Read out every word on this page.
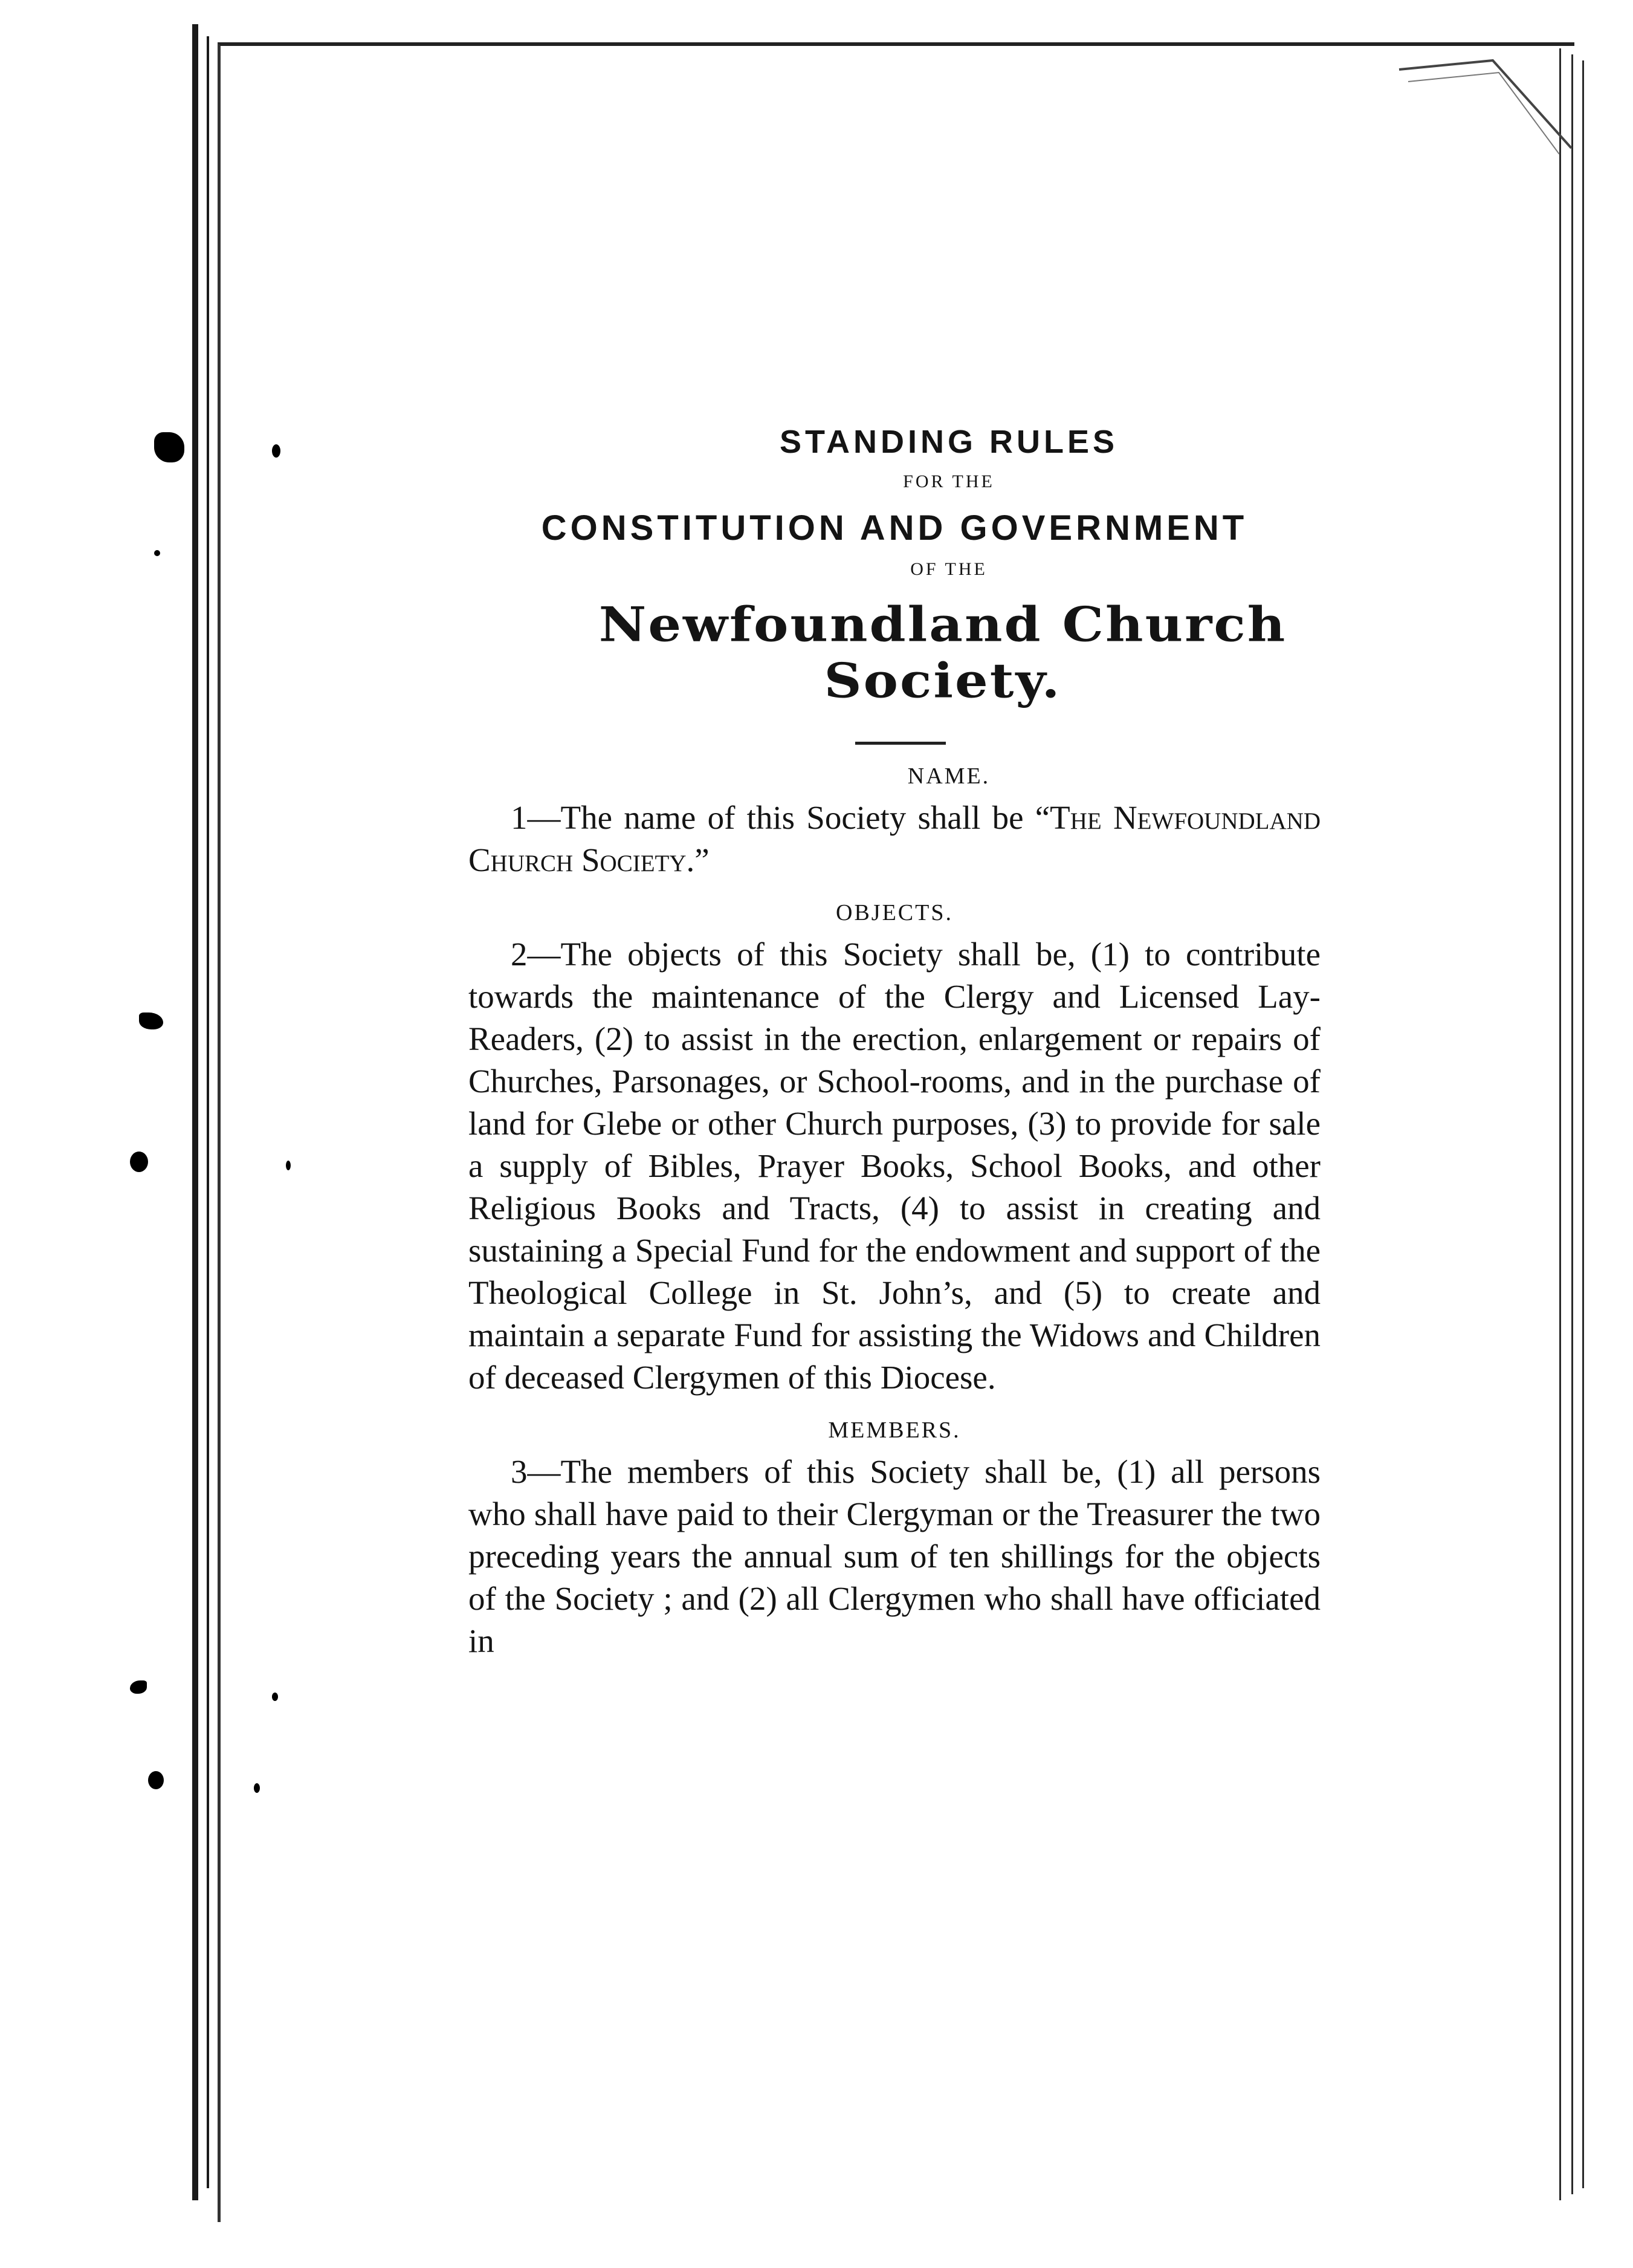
STANDING RULES

FOR THE

CONSTITUTION AND GOVERNMENT

OF THE

Newfoundland Church Society.

NAME.

1—The name of this Society shall be “The Newfoundland Church Society.”

OBJECTS.

2—The objects of this Society shall be, (1) to contribute towards the maintenance of the Clergy and Licensed Lay-Readers, (2) to assist in the erection, enlargement or repairs of Churches, Parsonages, or School-rooms, and in the purchase of land for Glebe or other Church purposes, (3) to provide for sale a supply of Bibles, Prayer Books, School Books, and other Religious Books and Tracts, (4) to assist in creating and sustaining a Special Fund for the endowment and support of the Theological College in St. John’s, and (5) to create and maintain a separate Fund for assisting the Widows and Children of deceased Clergymen of this Diocese.

MEMBERS.

3—The members of this Society shall be, (1) all persons who shall have paid to their Clergyman or the Treasurer the two preceding years the annual sum of ten shillings for the objects of the Society ; and (2) all Clergymen who shall have officiated in
